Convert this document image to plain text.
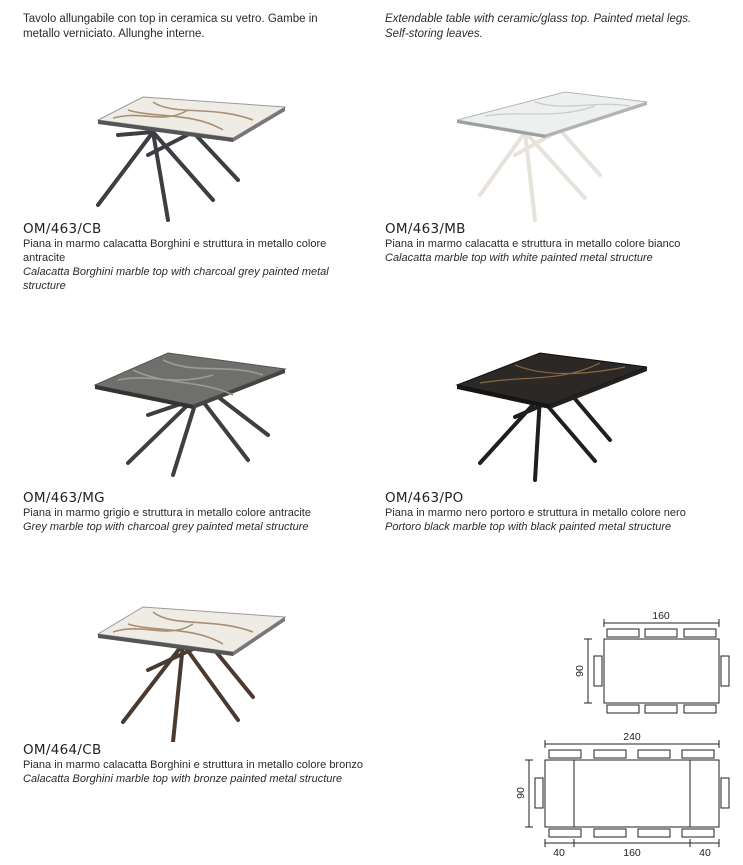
Tavolo allungabile con top in ceramica su vetro. Gambe in metallo verniciato. Allunghe interne.
Extendable table with ceramic/glass top. Painted metal legs. Self-storing leaves.
OM/463/CB
Piana in marmo calacatta Borghini e struttura in metallo colore antracite
Calacatta Borghini marble top with charcoal grey painted metal structure
OM/463/MB
Piana in marmo calacatta e struttura in metallo colore bianco
Calacatta marble top with white painted metal structure
OM/463/MG
Piana in marmo grigio e struttura in metallo colore antracite
Grey marble top with charcoal grey painted metal structure
OM/463/PO
Piana in marmo nero portoro e struttura in metallo colore nero
Portoro black marble top with black painted metal structure
OM/464/CB
Piana in marmo calacatta Borghini e struttura in metallo colore bronzo
Calacatta Borghini marble top with bronze painted metal structure
160
90
240
90
40	160	40
